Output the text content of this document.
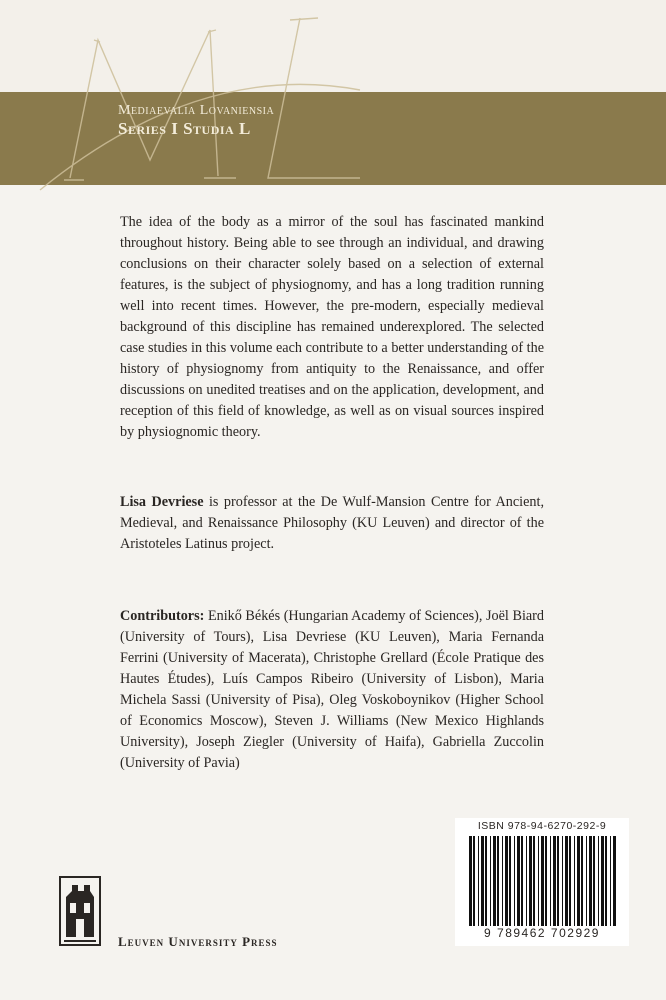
Mediaevalia Lovaniensia
Series I Studia L

The idea of the body as a mirror of the soul has fascinated mankind throughout history. Being able to see through an individual, and drawing conclusions on their character solely based on a selection of external features, is the subject of physiognomy, and has a long tradition running well into recent times. However, the pre-modern, especially medieval background of this discipline has remained underexplored. The selected case studies in this volume each contribute to a better understanding of the history of physiognomy from antiquity to the Renaissance, and offer discussions on unedited treatises and on the application, development, and reception of this field of knowledge, as well as on visual sources inspired by physiognomic theory.

Lisa Devriese is professor at the De Wulf-Mansion Centre for Ancient, Medieval, and Renaissance Philosophy (KU Leuven) and director of the Aristoteles Latinus project.
Contributors: Enikő Békés (Hungarian Academy of Sciences), Joël Biard (University of Tours), Lisa Devriese (KU Leuven), Maria Fernanda Ferrini (University of Macerata), Christophe Grellard (École Pratique des Hautes Études), Luís Campos Ribeiro (University of Lisbon), Maria Michela Sassi (University of Pisa), Oleg Voskoboynikov (Higher School of Economics Moscow), Steven J. Williams (New Mexico Highlands University), Joseph Ziegler (University of Haifa), Gabriella Zuccolin (University of Pavia)
Leuven University Press
ISBN 978-94-6270-292-9
9 789462 702929
